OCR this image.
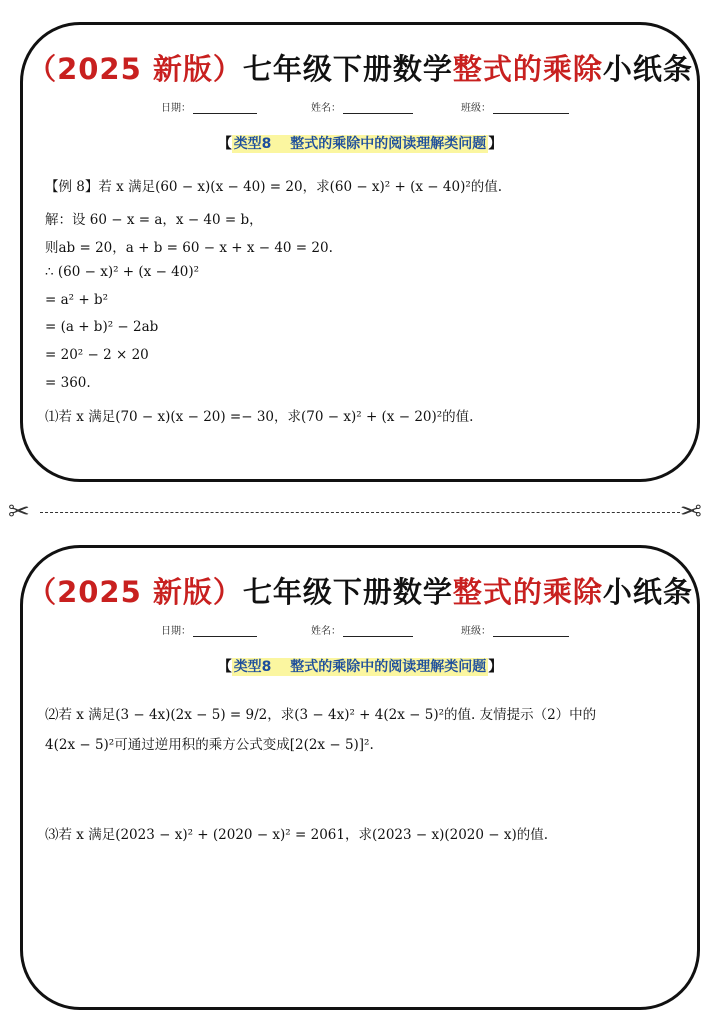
（2025 新版）七年级下册数学整式的乘除小纸条
日期：	姓名：	班级：
【 类型8　 整式的乘除中的阅读理解类问题 】
【例 8】若 x 满足(60 − x)(x − 40) = 20，求(60 − x)² + (x − 40)²的值.
解：设 60 − x = a，x − 40 = b，
则ab = 20，a + b = 60 − x + x − 40 = 20.
∴ (60 − x)² + (x − 40)²
= a² + b²
= (a + b)² − 2ab
= 20² − 2 × 20
= 360.
⑴若 x 满足(70 − x)(x − 20) =− 30，求(70 − x)² + (x − 20)²的值.
✂	✂
（2025 新版）七年级下册数学整式的乘除小纸条
日期：	姓名：	班级：
【 类型8　 整式的乘除中的阅读理解类问题 】
⑵若 x 满足(3 − 4x)(2x − 5) = 9/2，求(3 − 4x)² + 4(2x − 5)²的值. 友情提示（2）中的
4(2x − 5)²可通过逆用积的乘方公式变成[2(2x − 5)]².
⑶若 x 满足(2023 − x)² + (2020 − x)² = 2061，求(2023 − x)(2020 − x)的值.
